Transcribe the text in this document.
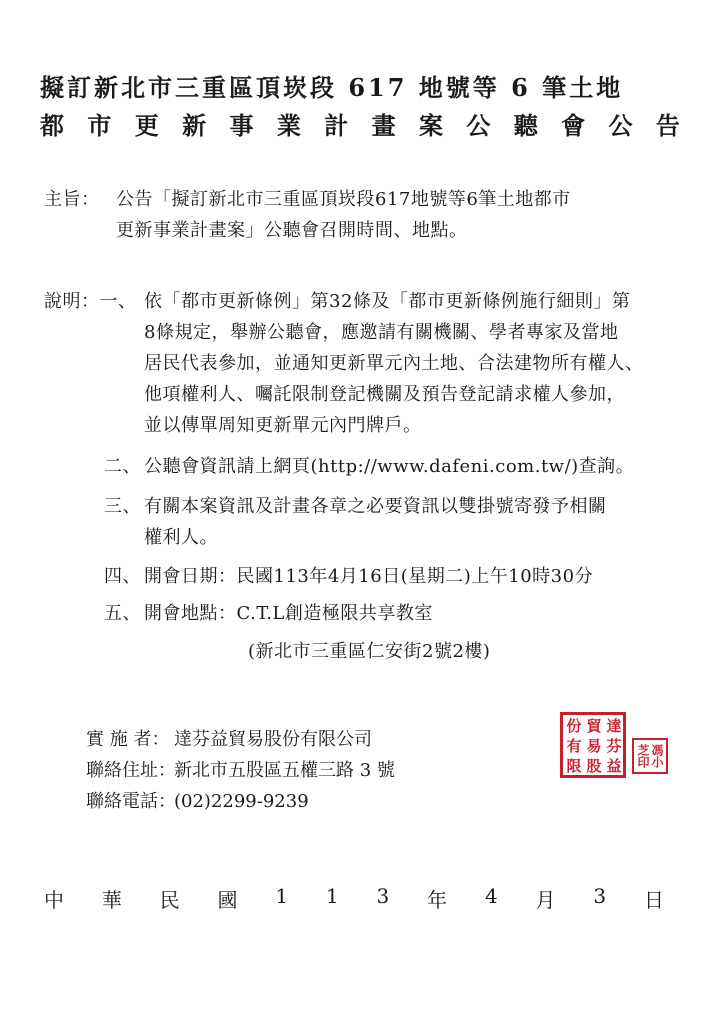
擬訂新北市三重區頂崁段 617 地號等 6 筆土地
都 市 更 新 事 業 計 畫 案 公 聽 會 公 告
主旨： 公告「擬訂新北市三重區頂崁段617地號等6筆土地都市
更新事業計畫案」公聽會召開時間、地點。
說明：一、 依「都市更新條例」第32條及「都市更新條例施行細則」第
8條規定，舉辦公聽會，應邀請有關機關、學者專家及當地
居民代表參加，並通知更新單元內土地、合法建物所有權人、
他項權利人、囑託限制登記機關及預告登記請求權人參加，
並以傳單周知更新單元內門牌戶。
二、 公聽會資訊請上網頁(http://www.dafeni.com.tw/)查詢。
三、 有關本案資訊及計畫各章之必要資訊以雙掛號寄發予相關
權利人。
四、 開會日期：民國113年4月16日(星期二)上午10時30分
五、 開會地點：C.T.L創造極限共享教室
(新北市三重區仁安街2號2樓)
實 施 者： 達芬益貿易股份有限公司
聯絡住址：新北市五股區五權三路 3 號
聯絡電話：(02)2299-9239
達
芬
益
貿
易
股
份
有
限
馮
小
芝
印
中 華 民 國 1 1 3 年 4 月 3 日
